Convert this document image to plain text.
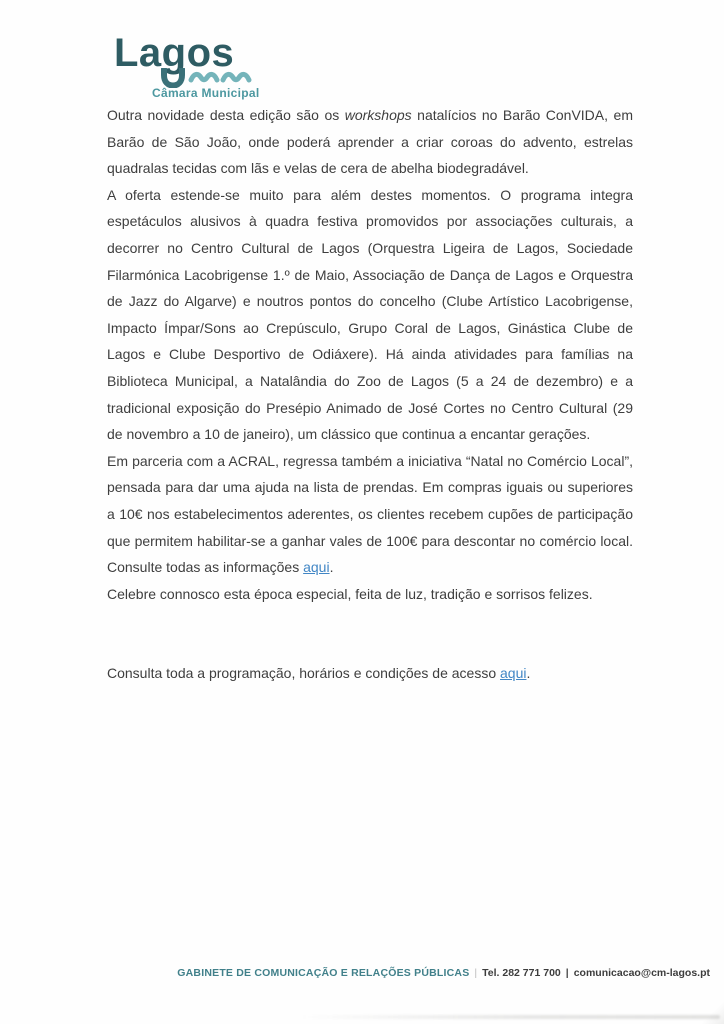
Lagos
Câmara Municipal

Outra novidade desta edição são os workshops natalícios no Barão ConVIDA, em Barão de São João, onde poderá aprender a criar coroas do advento, estrelas quadralas tecidas com lãs e velas de cera de abelha biodegradável.

A oferta estende-se muito para além destes momentos. O programa integra espetáculos alusivos à quadra festiva promovidos por associações culturais, a decorrer no Centro Cultural de Lagos (Orquestra Ligeira de Lagos, Sociedade Filarmónica Lacobrigense 1.º de Maio, Associação de Dança de Lagos e Orquestra de Jazz do Algarve) e noutros pontos do concelho (Clube Artístico Lacobrigense, Impacto Ímpar/Sons ao Crepúsculo, Grupo Coral de Lagos, Ginástica Clube de Lagos e Clube Desportivo de Odiáxere). Há ainda atividades para famílias na Biblioteca Municipal, a Natalândia do Zoo de Lagos (5 a 24 de dezembro) e a tradicional exposição do Presépio Animado de José Cortes no Centro Cultural (29 de novembro a 10 de janeiro), um clássico que continua a encantar gerações.

Em parceria com a ACRAL, regressa também a iniciativa “Natal no Comércio Local”, pensada para dar uma ajuda na lista de prendas. Em compras iguais ou superiores a 10€ nos estabelecimentos aderentes, os clientes recebem cupões de participação que permitem habilitar-se a ganhar vales de 100€ para descontar no comércio local. Consulte todas as informações aqui.

Celebre connosco esta época especial, feita de luz, tradição e sorrisos felizes.

Consulta toda a programação, horários e condições de acesso aqui.

GABINETE DE COMUNICAÇÃO E RELAÇÕES PÚBLICAS | Tel. 282 771 700 | comunicacao@cm-lagos.pt
